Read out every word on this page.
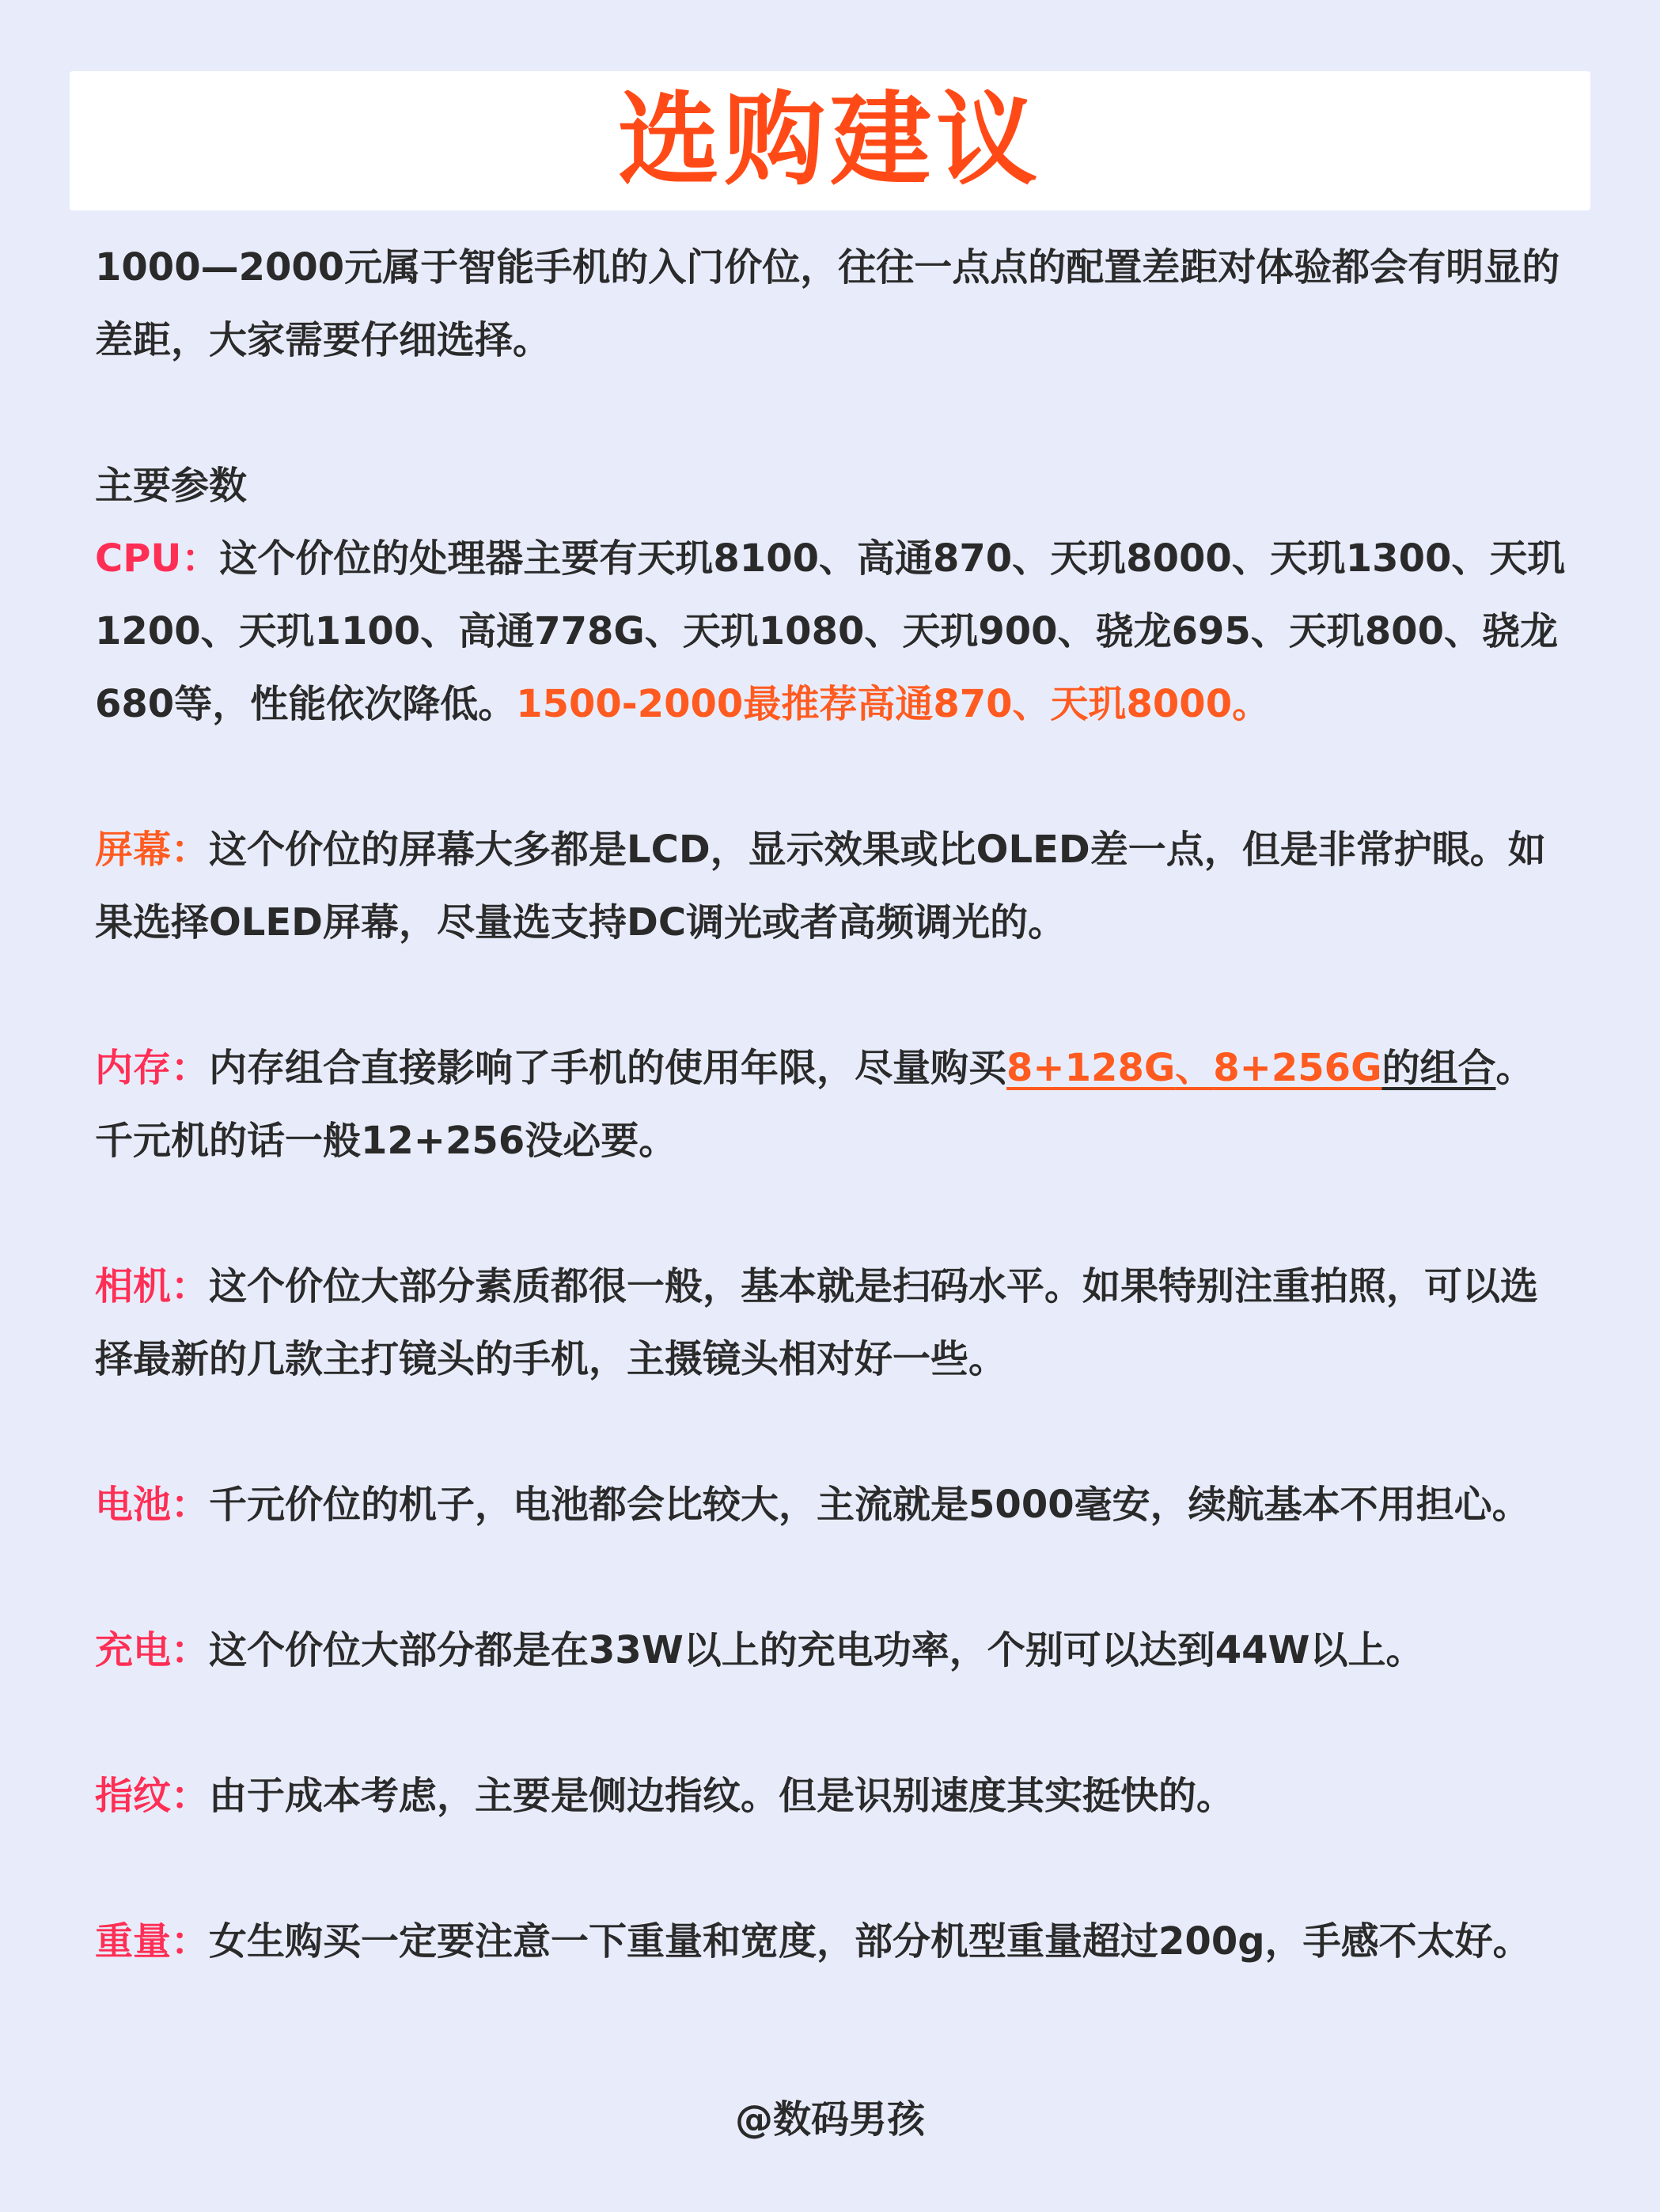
选购建议

1000—2000元属于智能手机的入门价位，往往一点点的配置差距对体验都会有明显的差距，大家需要仔细选择。

主要参数

CPU：这个价位的处理器主要有天玑8100、高通870、天玑8000、天玑1300、天玑1200、天玑1100、高通778G、天玑1080、天玑900、骁龙695、天玑800、骁龙680等，性能依次降低。1500-2000最推荐高通870、天玑8000。

屏幕：这个价位的屏幕大多都是LCD，显示效果或比OLED差一点，但是非常护眼。如果选择OLED屏幕，尽量选支持DC调光或者高频调光的。

内存：内存组合直接影响了手机的使用年限，尽量购买8+128G、8+256G的组合。千元机的话一般12+256没必要。

相机：这个价位大部分素质都很一般，基本就是扫码水平。如果特别注重拍照，可以选择最新的几款主打镜头的手机，主摄镜头相对好一些。

电池：千元价位的机子，电池都会比较大，主流就是5000毫安，续航基本不用担心。

充电：这个价位大部分都是在33W以上的充电功率，个别可以达到44W以上。

指纹：由于成本考虑，主要是侧边指纹。但是识别速度其实挺快的。

重量：女生购买一定要注意一下重量和宽度，部分机型重量超过200g，手感不太好。

@数码男孩
